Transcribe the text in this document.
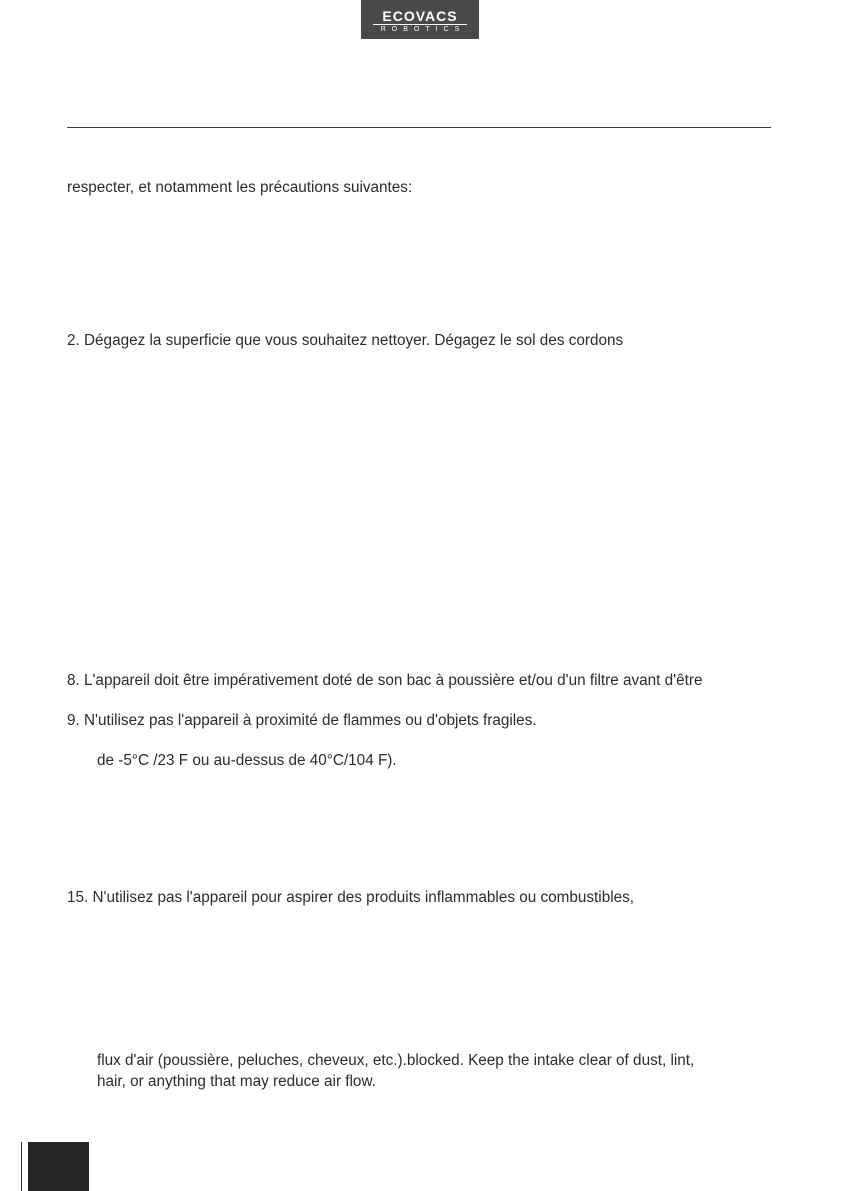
ECOVACS
ROBOTICS
respecter, et notamment les précautions suivantes:
2. Dégagez la superficie que vous souhaitez nettoyer. Dégagez le sol des cordons
8. L'appareil doit être impérativement doté de son bac à poussière et/ou d'un filtre avant d'être
9. N'utilisez pas l'appareil à proximité de flammes ou d'objets fragiles.
de -5°C /23 F ou au-dessus de 40°C/104 F).
15. N'utilisez pas l'appareil pour aspirer des produits inflammables ou combustibles,
flux d'air (poussière, peluches, cheveux, etc.).blocked. Keep the intake clear of dust, lint,
hair, or anything that may reduce air flow.
